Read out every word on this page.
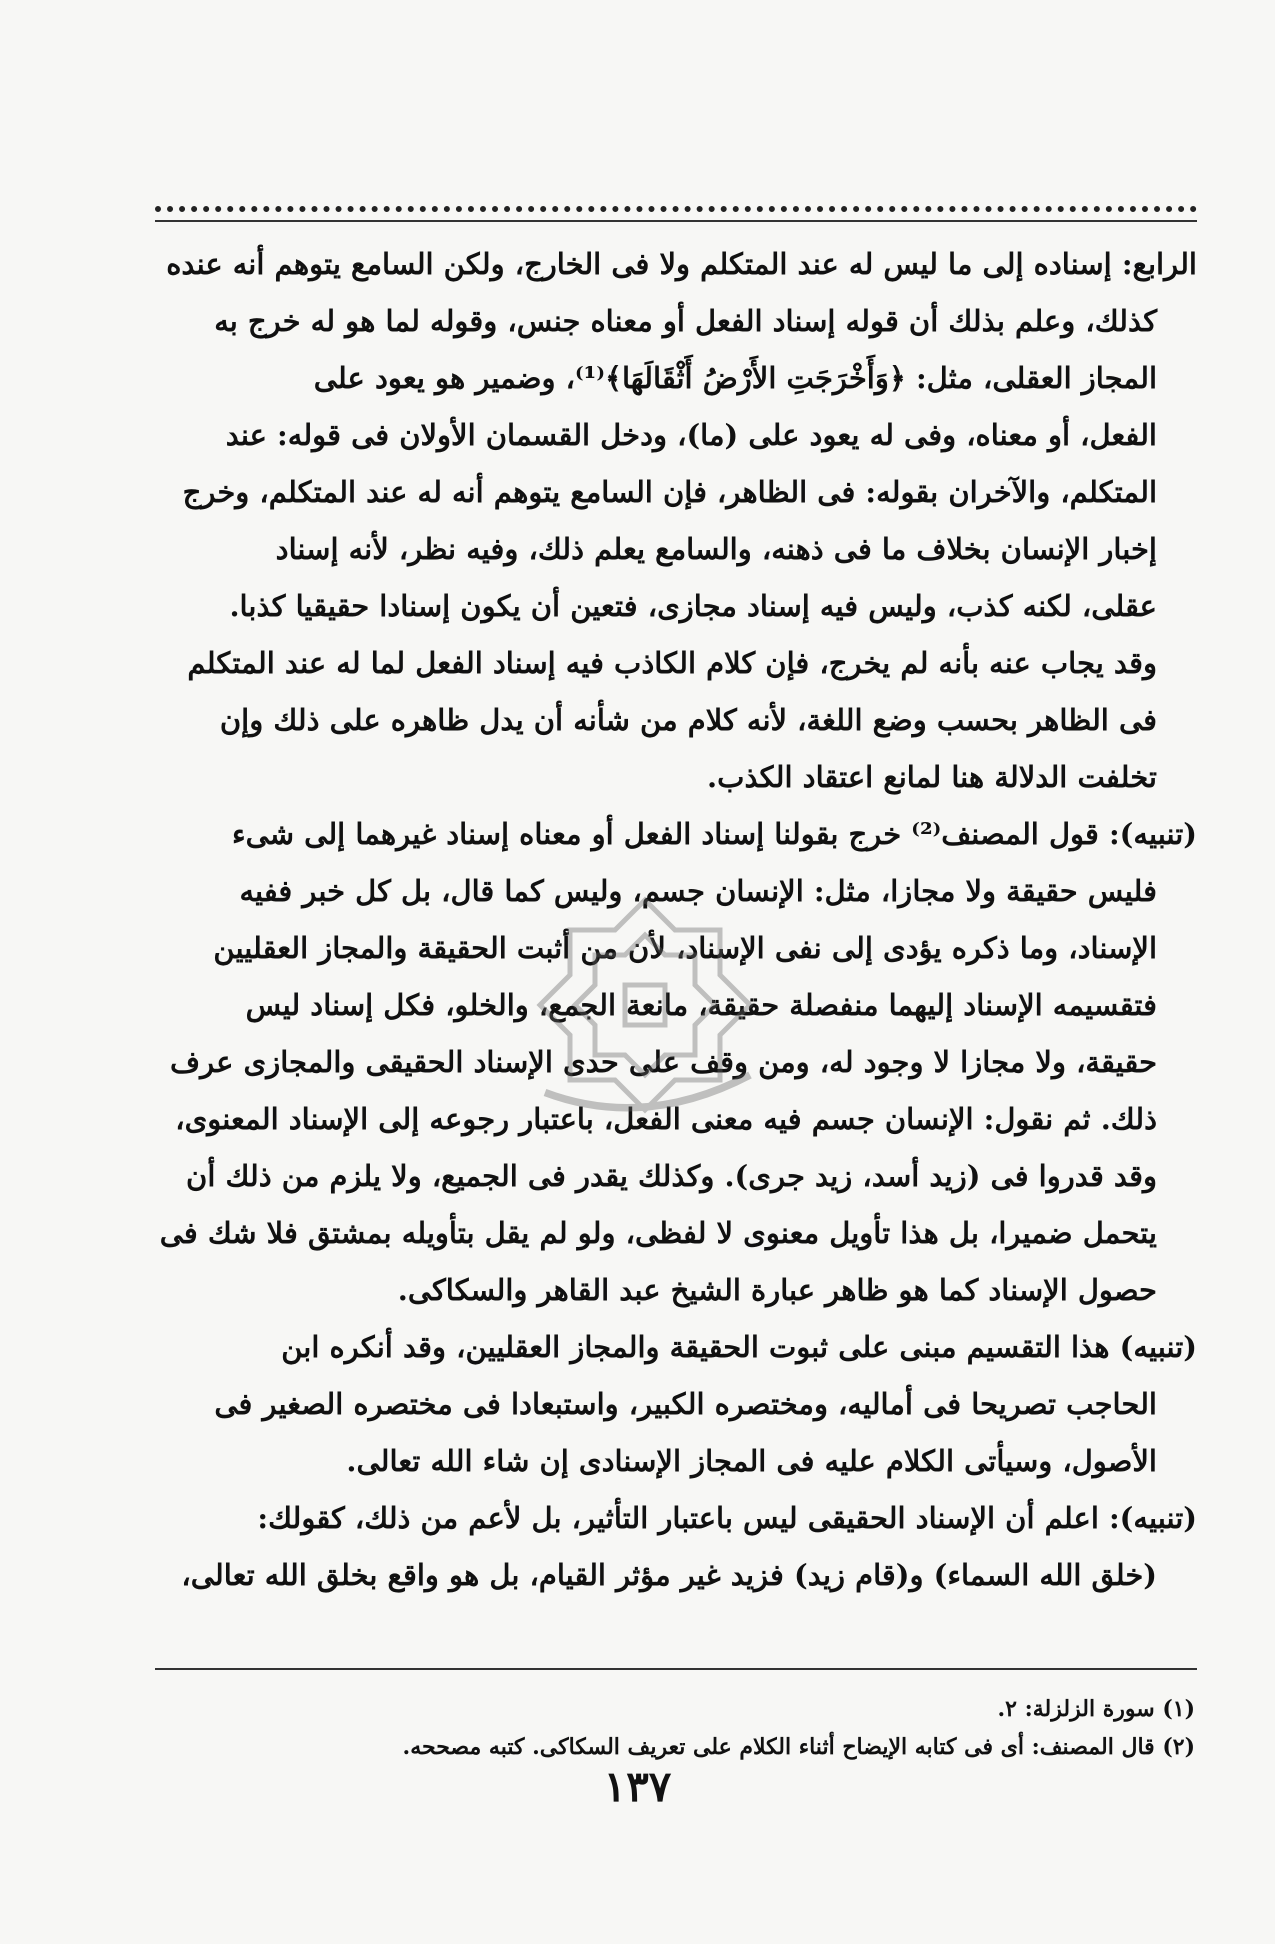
الرابع: إسناده إلى ما ليس له عند المتكلم ولا فى الخارج، ولكن السامع يتوهم أنه عنده
كذلك، وعلم بذلك أن قوله إسناد الفعل أو معناه جنس، وقوله لما هو له خرج به
المجاز العقلى، مثل: ﴿وَأَخْرَجَتِ الأَرْضُ أَثْقَالَهَا﴾⁽¹⁾، وضمير هو يعود على
الفعل، أو معناه، وفى له يعود على (ما)، ودخل القسمان الأولان فى قوله: عند
المتكلم، والآخران بقوله: فى الظاهر، فإن السامع يتوهم أنه له عند المتكلم، وخرج
إخبار الإنسان بخلاف ما فى ذهنه، والسامع يعلم ذلك، وفيه نظر، لأنه إسناد
عقلى، لكنه كذب، وليس فيه إسناد مجازى، فتعين أن يكون إسنادا حقيقيا كذبا.
وقد يجاب عنه بأنه لم يخرج، فإن كلام الكاذب فيه إسناد الفعل لما له عند المتكلم
فى الظاهر بحسب وضع اللغة، لأنه كلام من شأنه أن يدل ظاهره على ذلك وإن
تخلفت الدلالة هنا لمانع اعتقاد الكذب.
(تنبيه): قول المصنف⁽²⁾ خرج بقولنا إسناد الفعل أو معناه إسناد غيرهما إلى شىء
فليس حقيقة ولا مجازا، مثل: الإنسان جسم، وليس كما قال، بل كل خبر ففيه
الإسناد، وما ذكره يؤدى إلى نفى الإسناد، لأن من أثبت الحقيقة والمجاز العقليين
فتقسيمه الإسناد إليهما منفصلة حقيقة، مانعة الجمع، والخلو، فكل إسناد ليس
حقيقة، ولا مجازا لا وجود له، ومن وقف على حدى الإسناد الحقيقى والمجازى عرف
ذلك. ثم نقول: الإنسان جسم فيه معنى الفعل، باعتبار رجوعه إلى الإسناد المعنوى،
وقد قدروا فى (زيد أسد، زيد جرى). وكذلك يقدر فى الجميع، ولا يلزم من ذلك أن
يتحمل ضميرا، بل هذا تأويل معنوى لا لفظى، ولو لم يقل بتأويله بمشتق فلا شك فى
حصول الإسناد كما هو ظاهر عبارة الشيخ عبد القاهر والسكاكى.
(تنبيه) هذا التقسيم مبنى على ثبوت الحقيقة والمجاز العقليين، وقد أنكره ابن
الحاجب تصريحا فى أماليه، ومختصره الكبير، واستبعادا فى مختصره الصغير فى
الأصول، وسيأتى الكلام عليه فى المجاز الإسنادى إن شاء الله تعالى.
(تنبيه): اعلم أن الإسناد الحقيقى ليس باعتبار التأثير، بل لأعم من ذلك، كقولك:
(خلق الله السماء) و(قام زيد) فزيد غير مؤثر القيام، بل هو واقع بخلق الله تعالى،
(١) سورة الزلزلة: ٢.
(٢) قال المصنف: أى فى كتابه الإيضاح أثناء الكلام على تعريف السكاكى. كتبه مصححه.
١٣٧
